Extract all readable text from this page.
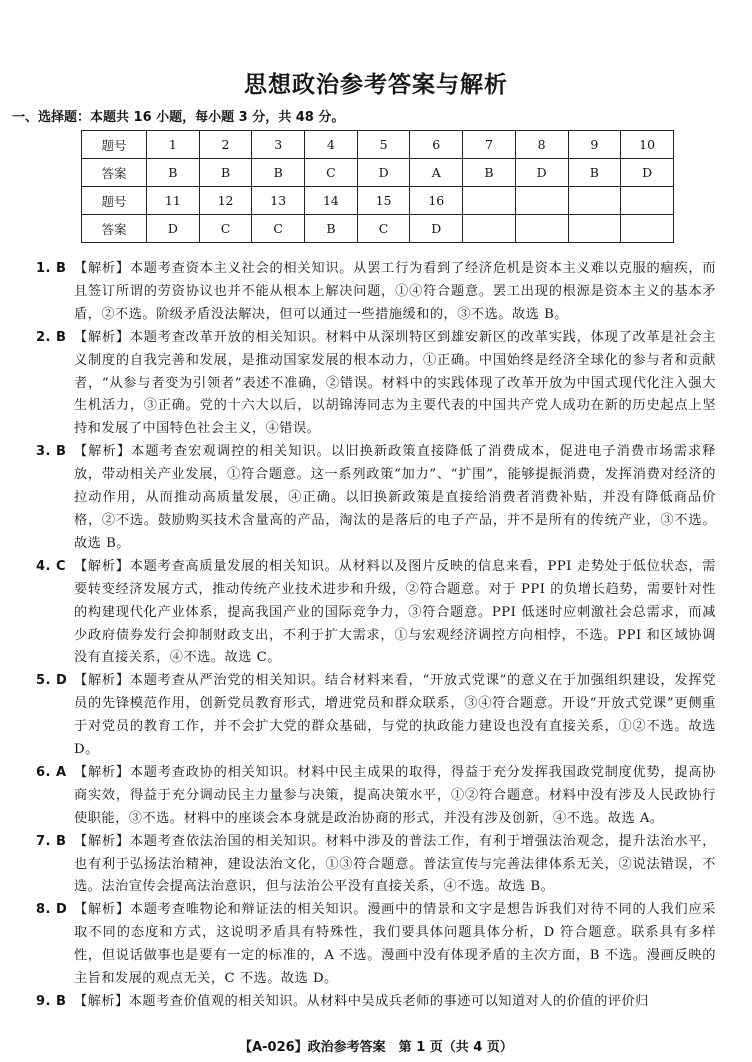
思想政治参考答案与解析
一、选择题：本题共 16 小题，每小题 3 分，共 48 分。
题号	1	2	3	4	5	6	7	8	9	10
答案	B	B	B	C	D	A	B	D	B	D
题号	11	12	13	14	15	16				
答案	D	C	C	B	C	D				
1. B 【解析】本题考查资本主义社会的相关知识。从罢工行为看到了经济危机是资本主义难以克服的痼疾，而且签订所谓的劳资协议也并不能从根本上解决问题，①④符合题意。罢工出现的根源是资本主义的基本矛盾，②不选。阶级矛盾没法解决，但可以通过一些措施缓和的，③不选。故选 B。
2. B 【解析】本题考查改革开放的相关知识。材料中从深圳特区到雄安新区的改革实践，体现了改革是社会主义制度的自我完善和发展，是推动国家发展的根本动力，①正确。中国始终是经济全球化的参与者和贡献者，“从参与者变为引领者”表述不准确，②错误。材料中的实践体现了改革开放为中国式现代化注入强大生机活力，③正确。党的十六大以后，以胡锦涛同志为主要代表的中国共产党人成功在新的历史起点上坚持和发展了中国特色社会主义，④错误。
3. B 【解析】本题考查宏观调控的相关知识。以旧换新政策直接降低了消费成本，促进电子消费市场需求释放，带动相关产业发展，①符合题意。这一系列政策“加力”、“扩围”，能够提振消费，发挥消费对经济的拉动作用，从而推动高质量发展，④正确。以旧换新政策是直接给消费者消费补贴，并没有降低商品价格，②不选。鼓励购买技术含量高的产品，淘汰的是落后的电子产品，并不是所有的传统产业，③不选。故选 B。
4. C 【解析】本题考查高质量发展的相关知识。从材料以及图片反映的信息来看，PPI 走势处于低位状态，需要转变经济发展方式，推动传统产业技术进步和升级，②符合题意。对于 PPI 的负增长趋势，需要针对性的构建现代化产业体系，提高我国产业的国际竞争力，③符合题意。PPI 低迷时应刺激社会总需求，而减少政府债券发行会抑制财政支出，不利于扩大需求，①与宏观经济调控方向相悖，不选。PPI 和区域协调没有直接关系，④不选。故选 C。
5. D 【解析】本题考查从严治党的相关知识。结合材料来看，“开放式党课”的意义在于加强组织建设，发挥党员的先锋模范作用，创新党员教育形式，增进党员和群众联系，③④符合题意。开设“开放式党课”更侧重于对党员的教育工作，并不会扩大党的群众基础，与党的执政能力建设也没有直接关系，①②不选。故选 D。
6. A 【解析】本题考查政协的相关知识。材料中民主成果的取得，得益于充分发挥我国政党制度优势，提高协商实效，得益于充分调动民主力量参与决策，提高决策水平，①②符合题意。材料中没有涉及人民政协行使职能，③不选。材料中的座谈会本身就是政治协商的形式，并没有涉及创新，④不选。故选 A。
7. B 【解析】本题考查依法治国的相关知识。材料中涉及的普法工作，有利于增强法治观念，提升法治水平，也有利于弘扬法治精神，建设法治文化，①③符合题意。普法宣传与完善法律体系无关，②说法错误，不选。法治宣传会提高法治意识，但与法治公平没有直接关系，④不选。故选 B。
8. D 【解析】本题考查唯物论和辩证法的相关知识。漫画中的情景和文字是想告诉我们对待不同的人我们应采取不同的态度和方式，这说明矛盾具有特殊性，我们要具体问题具体分析，D 符合题意。联系具有多样性，但说话做事也是要有一定的标准的，A 不选。漫画中没有体现矛盾的主次方面，B 不选。漫画反映的主旨和发展的观点无关，C 不选。故选 D。
9. B 【解析】本题考查价值观的相关知识。从材料中吴成兵老师的事迹可以知道对人的价值的评价归
【A-026】政治参考答案　第 1 页（共 4 页）
